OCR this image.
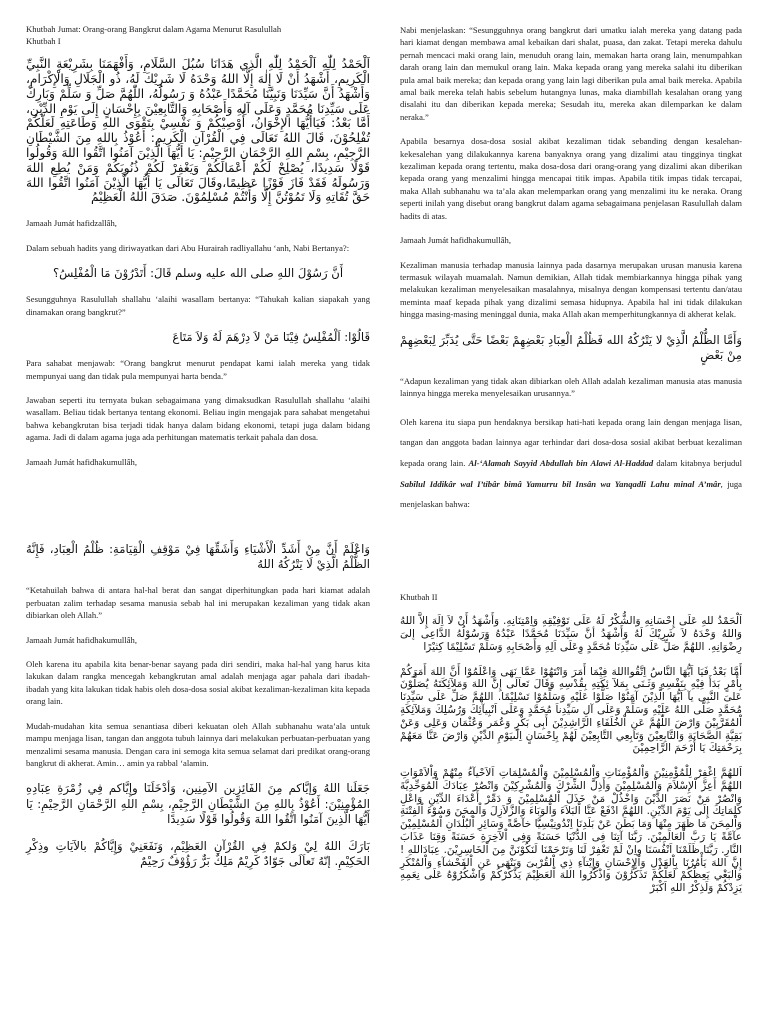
Khutbah Jumat: Orang-orang Bangkrut dalam Agama Menurut Rasulullah
Khutbah I
اَلْحَمْدُ لِلّٰهِ اَلْحَمْدُ لِلّٰهِ الَّذِي هَدَانَا سُبُلَ السَّلَامِ، وَأَفْهَمَنَا بِشَرِيْعَةِ النَّبِيِّ الْكَرِيمِ، أَشْهَدُ أَنْ لَا إِلٰهَ إِلَّا اللهُ وَحْدَهُ لَا شَرِيْكَ لَهُ، ذُو الْجَلَالِ وَالْإِكْرَامِ، وَأَشْهَدُ أَنَّ سَيِّدَنَا وَنَبِيَّنَا مُحَمَّدًا عَبْدُهُ وَ رَسُولُهُ، اللّٰهُمَّ صَلِّ وَ سَلِّمْ وَبَارِكْ عَلَى سَيِّدِنَا مُحَمَّدٍ وَعَلَى آلِهِ وَأَصْحَابِهِ وَالتَّابِعِيْنَ بِإِحْسَانٍ إِلَى يَوْمِ الدِّيْنِ، أَمَّا بَعْدُ: فَيَاأَيُّهَا الإِخْوَانُ، أُوْصِيْكُمْ وَ نَفْسِيْ بِتَقْوَى اللهِ وَطَاعَتِهِ لَعَلَّكُمْ تُفْلِحُوْنَ، قَالَ اللهُ تَعَالَى فِي الْقُرْآنِ الْكَرِيمِ: أَعُوْذُ بِاللهِ مِنَ الشَّيْطَانِ الرَّجِيْمِ، بِسْمِ اللهِ الرَّحْمَانِ الرَّحِيْمِ: يَا أَيُّهَا الَّذِيْنَ آمَنُوا اتَّقُوا اللهَ وَقُولُوا قَوْلًا سَدِيدًا، يُصْلِحْ لَكُمْ أَعْمَالَكُمْ وَيَغْفِرْ لَكُمْ ذُنُوبَكُمْ وَمَنْ يُطِعِ اللهَ وَرَسُولَهُ فَقَدْ فَازَ فَوْزًا عَظِيمًا،وقَالَ تَعَالَى يَا أَيُّهَا الَّذِيْنَ آمَنُوا اتَّقُوا اللهَ حَقَّ تُقَاتِهِ وَلَا تَمُوْتُنَّ إِلَّا وَأَنْتُمْ مُسْلِمُوْنَ. صَدَقَ اللهُ الْعَظِيْمُ

Jamaah Jumát hafidzallâh,

Dalam sebuah hadits yang diriwayatkan dari Abu Hurairah radliyallahu ‘anh, Nabi Bertanya?:

أَنَّ رَسُوْلَ اللهِ صلى الله عليه وسلم قَالَ: أَتَدْرُوْنَ مَا الْمُفْلِسُ؟

Sesungguhnya Rasulullah shallahu ‘alaihi wasallam bertanya: “Tahukah kalian siapakah yang dinamakan orang bangkrut?”

قَالُوْا: اَلْمُفْلِسُ فِيْنَا مَنْ لاَ دِرْهَمَ لَهُ وَلاَ مَتَاعَ

Para sahabat menjawab: “Orang bangkrut menurut pendapat kami ialah mereka yang tidak mempunyai uang dan tidak pula mempunyai harta benda.”

Jawaban seperti itu ternyata bukan sebagaimana yang dimaksudkan Rasulullah shallahu ‘alaihi wasallam. Beliau tidak bertanya tentang ekonomi. Beliau ingin mengajak para sahabat mengetahui bahwa kebangkrutan bisa terjadi tidak hanya dalam bidang ekonomi, tetapi juga dalam bidang agama. Jadi di dalam agama juga ada perhitungan matematis terkait pahala dan dosa.

Jamaah Jumát hafidhakumullâh,

وَاعْلَمْ أَنَّ مِنْ أَشَدِّ الْأَشْيَاءِ وَأَشَقِّهَا فِيْ مَوْقِفِ الْقِيَامَةِ: ظُلْمُ الْعِبَادِ، فَإِنَّهُ الظُّلْمُ الَّذِيْ لَا يَتْرُكُهُ اللهُ

“Ketahuilah bahwa di antara hal-hal berat dan sangat diperhitungkan pada hari kiamat adalah perbuatan zalim terhadap sesama manusia sebab hal ini merupakan kezaliman yang tidak akan dibiarkan oleh Allah.”

Jamaah Jumát hafidhakumullâh,

Oleh karena itu apabila kita benar-benar sayang pada diri sendiri, maka hal-hal yang harus kita lakukan dalam rangka mencegah kebangkrutan amal adalah menjaga agar pahala dari ibadah-ibadah yang kita lakukan tidak habis oleh dosa-dosa sosial akibat kezaliman-kezaliman kita kepada orang lain.

Mudah-mudahan kita semua senantiasa diberi kekuatan oleh Allah subhanahu wata’ala untuk mampu menjaga lisan, tangan dan anggota tubuh lainnya dari melakukan perbuatan-perbuatan yang menzalimi sesama manusia. Dengan cara ini semoga kita semua selamat dari predikat orang-orang bangkrut di akherat. Amin… amin ya rabbal ‘alamin.

جَعَلَنا اللهُ وَإيَّاكم مِنَ الفَائِزِين الآمِنِين، وَأدْخَلَنَا وإِيَّاكم فِي زُمْرَةِ عِبَادِهِ المُؤْمِنِيْنَ: أَعُوْذُ بِاللهِ مِنَ الشَّيْطَانِ الرَّجِيْمِ، بِسْمِ اللهِ الرَّحْمَانِ الرَّحِيْمِ: يَا أَيُّهَا الَّذِينَ آمَنُوا اتَّقُوا اللهَ وَقُولُوا قَوْلًا سَدِيدًا
بَارَكَ اللهُ لِيْ وَلكمْ فِي القُرْآنِ العَظِيْمِ، وَنَفَعَنِيْ وَإِيَّاكُمْ بالآيَاتِ وذِكْرِ الحَكِيْمِ. إنّهُ تَعاَلَى جَوّادٌ كَرِيْمٌ مَلِكٌ بَرٌّ رَؤُوْفٌ رَحِيْمٌ

Nabi menjelaskan: “Sesungguhnya orang bangkrut dari umatku ialah mereka yang datang pada hari kiamat dengan membawa amal kebaikan dari shalat, puasa, dan zakat. Tetapi mereka dahulu pernah mencaci maki orang lain, menuduh orang lain, memakan harta orang lain, menumpahkan darah orang lain dan memukul orang lain. Maka kepada orang yang mereka salahi itu diberikan pula amal baik mereka; dan kepada orang yang lain lagi diberikan pula amal baik mereka. Apabila amal baik mereka telah habis sebelum hutangnya lunas, maka diambillah kesalahan orang yang disalahi itu dan diberikan kepada mereka; Sesudah itu, mereka akan dilemparkan ke dalam neraka.”

Apabila besarnya dosa-dosa sosial akibat kezaliman tidak sebanding dengan kesalehan-kekesalehan yang dilakukannya karena banyaknya orang yang dizalimi atau tingginya tingkat kezaliman kepada orang tertentu, maka dosa-dosa dari orang-orang yang dizalimi akan diberikan kepada orang yang menzalimi hingga mencapai titik impas. Apabila titik impas tidak tercapai, maka Allah subhanahu wa ta’ala akan melemparkan orang yang menzalimi itu ke neraka. Orang seperti inilah yang disebut orang bangkrut dalam agama sebagaimana penjelasan Rasulullah dalam hadits di atas.

Jamaah Jumát hafidhakumullâh,

Kezaliman manusia terhadap manusia lainnya pada dasarnya merupakan urusan manusia karena termasuk wilayah muamalah. Namun demikian, Allah tidak membiarkannya hingga pihak yang melakukan kezaliman menyelesaikan masalahnya, misalnya dengan kompensasi tertentu dan/atau meminta maaf kepada pihak yang dizalimi semasa hidupnya. Apabila hal ini tidak dilakukan hingga masing-masing meninggal dunia, maka Allah akan memperhitungkannya di akherat kelak.

وَأَمَّا الظُّلْمُ الَّذِيْ لا يَتْرُكُهُ الله فَظُلْمُ الْعِبَادِ بَعْضِهِمْ بَعْضًا حَتَّى يُدَبِّرَ لِبَعْضِهِمْ مِنْ بَعْضٍ

“Adapun kezaliman yang tidak akan dibiarkan oleh Allah adalah kezaliman manusia atas manusia lainnya hingga mereka menyelesaikan urusannya.”

Oleh karena itu siapa pun hendaknya bersikap hati-hati kepada orang lain dengan menjaga lisan, tangan dan anggota badan lainnya agar terhindar dari dosa-dosa sosial akibat berbuat kezaliman kepada orang lain. Al-‘Alamah Sayyid Abdullah bin Alawi Al-Haddad dalam kitabnya berjudul Sabîlul Iddikâr wal I’tibâr bimâ Yamurru bil Insân wa Yanqadli Lahu minal A’mâr, juga menjelaskan bahwa:

Khutbah II

اَلْحَمْدُ للهِ عَلَى إِحْسَانِهِ وَالشُّكْرُ لَهُ عَلَى تَوْفِيْقِهِ وَاِمْتِنَانِهِ. وَأَشْهَدُ أَنْ لاَ اِلَهَ إِلاَّ اللهُ وَاللهُ وَحْدَهُ لاَ شَرِيْكَ لَهُ وَأَشْهَدُ أنَّ سَيِّدَنَا مُحَمَّدًا عَبْدُهُ وَرَسُوْلُهُ الدَّاعِى إلىَ رِضْوَانِهِ. اللهُمَّ صَلِّ عَلَى سَيِّدِنَا مُحَمَّدٍ وِعَلَى اَلِهِ وَأَصْحَابِهِ وَسَلِّمْ تَسْلِيْمًا كِثيْرًا
أَمَّا بَعْدُ فَيَا اَيُّهَا النَّاسُ اِتَّقُوااللهَ فِيْمَا أَمَرَ وَانْتَهُوْا عَمَّا نَهَى وَاعْلَمُوْا أَنَّ اللهَ أَمَرَكُمْ بِأَمْرٍ بَدَأَ فِيْهِ بِنَفْسِهِ وَثَـنَى بِمَلآ ئِكَتِهِ بِقُدْسِهِ وَقَالَ تَعاَلَى إِنَّ اللهَ وَمَلآئِكَتَهُ يُصَلُّوْنَ عَلىَ النَّبِى يآ اَيُّهَا الَّذِيْنَ آمَنُوْا صَلُّوْا عَلَيْهِ وَسَلِّمُوْا تَسْلِيْمًا. اللهُمَّ صَلِّ عَلَى سَيِّدِنَا مُحَمَّدٍ صَلَّى اللهُ عَلَيْهِ وَسَلِّمْ وَعَلَى آلِ سَيِّدِناَ مُحَمَّدٍ وَعَلَى اَنْبِيآئِكَ وَرُسُلِكَ وَمَلآئِكَةِ اْلمُقَرَّبِيْنَ وَارْضَ اللّٰهُمَّ عَنِ اْلخُلَفَاءِ الرَّاشِدِيْنَ أَبِى بَكْرٍ وَعُمَر وَعُثْمَان وَعَلِى وَعَنْ بَقِيَّةِ الصَّحَابَةِ وَالتَّابِعِيْنَ وَتَابِعِي التَّابِعِيْنَ لَهُمْ بِاِحْسَانٍ اِلَىيَوْمِ الدِّيْنِ وَارْضَ عَنَّا مَعَهُمْ بِرَحْمَتِكَ يَا أَرْحَمَ الرَّاحِمِيْنَ
اَللهُمَّ اغْفِرْ لِلْمُؤْمِنِيْنَ وَاْلمُؤْمِنَاتِ وَاْلمُسْلِمِيْنَ وَاْلمُسْلِمَاتِ اَلاَحْيآءُ مِنْهُمْ وَاْلاَمْوَاتِ اللهُمَّ أَعِزَّ اْلإِسْلاَمَ وَاْلمُسْلِمِيْنَ وَأَذِلَّ الشِّرْكَ وَاْلمُشْرِكِيْنَ وَانْصُرْ عِبَادَكَ اْلمُوَحِّدِيَّةَ وَانْصُرْ مَنْ نَصَرَ الدِّيْنَ وَاخْذُلْ مَنْ خَذَلَ اْلمُسْلِمِيْنَ وَ دَمِّرْ أَعْدَاءَ الدِّيْنِ وَاعْلِ كَلِمَاتِكَ إِلَى يَوْمَ الدِّيْنِ. اللهُمَّ ادْفَعْ عَنَّا اْلبَلاَءَ وَاْلوَبَاءَ وَالزَّلاَزِلَ وَاْلمِحَنَ وَسُوْءَ اْلفِتْنَةِ وَاْلمِحَنَ مَا ظَهَرَ مِنْهَا وَمَا بَطَنَ عَنْ بَلَدِنَا اِنْدُونِيْسِيَّا خآصَّةً وَسَائِرِ اْلبُلْدَانِ اْلمُسْلِمِيْنَ عآمَّةً يَا رَبَّ اْلعَالَمِيْنَ. رَبَّنَا آتِنَا فِى الدُّنْيَا حَسَنَةً وَفِى اْلآخِرَةِ حَسَنَةً وَقِنَا عَذَابَ النَّارِ. رَبَّنَا ظَلَمْنَا اَنْفُسَنَا واِنْ لَمْ تَغْفِرْ لَنَا وَتَرْحَمْنَا لَنَكُوْنَنَّ مِنَ اْلخَاسِرِيْنَ. عِبَادَاللهِ ! إِنَّ اللهَ يَأْمُرُنَا بِاْلعَدْلِ وَاْلإِحْسَانِ وَإِيْتآءِ ذِي اْلقُرْبىَ وَيَنْهَى عَنِ اْلفَحْشآءِ وَاْلمُنْكَرِ وَاْلبَغْي يَعِظُكُمْ لَعَلَّكُمْ تَذَكَّرُوْنَ وَاذْكُرُوا اللهَ اْلعَظِيْمَ يَذْكُرْكُمْ وَاشْكُرُوْهُ عَلَى نِعَمِهِ يَزِدْكُمْ وَلَذِكْرُ اللهِ اَكْبَرْ
